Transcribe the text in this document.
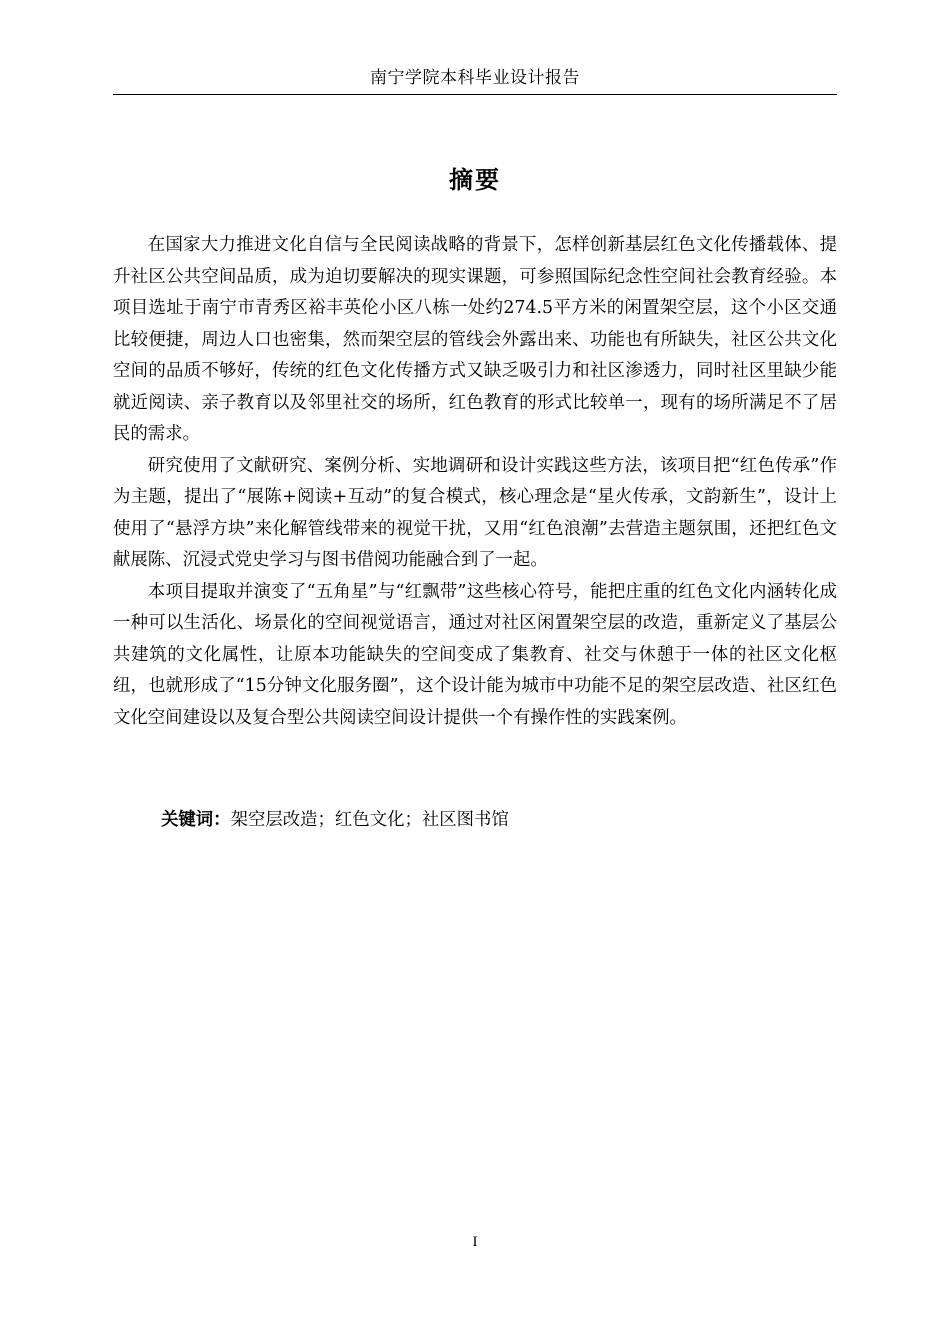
南宁学院本科毕业设计报告
摘要

在国家大力推进文化自信与全民阅读战略的背景下，怎样创新基层红色文化传播载体、提升社区公共空间品质，成为迫切要解决的现实课题，可参照国际纪念性空间社会教育经验。本项目选址于南宁市青秀区裕丰英伦小区八栋一处约274.5平方米的闲置架空层，这个小区交通比较便捷，周边人口也密集，然而架空层的管线会外露出来、功能也有所缺失，社区公共文化空间的品质不够好，传统的红色文化传播方式又缺乏吸引力和社区渗透力，同时社区里缺少能就近阅读、亲子教育以及邻里社交的场所，红色教育的形式比较单一，现有的场所满足不了居民的需求。

研究使用了文献研究、案例分析、实地调研和设计实践这些方法，该项目把“红色传承”作为主题，提出了“展陈+阅读+互动”的复合模式，核心理念是“星火传承，文韵新生”，设计上使用了“悬浮方块”来化解管线带来的视觉干扰，又用“红色浪潮”去营造主题氛围，还把红色文献展陈、沉浸式党史学习与图书借阅功能融合到了一起。

本项目提取并演变了“五角星”与“红飘带”这些核心符号，能把庄重的红色文化内涵转化成一种可以生活化、场景化的空间视觉语言，通过对社区闲置架空层的改造，重新定义了基层公共建筑的文化属性，让原本功能缺失的空间变成了集教育、社交与休憩于一体的社区文化枢纽，也就形成了“15分钟文化服务圈”，这个设计能为城市中功能不足的架空层改造、社区红色文化空间建设以及复合型公共阅读空间设计提供一个有操作性的实践案例。

关键词：架空层改造；红色文化；社区图书馆
I
